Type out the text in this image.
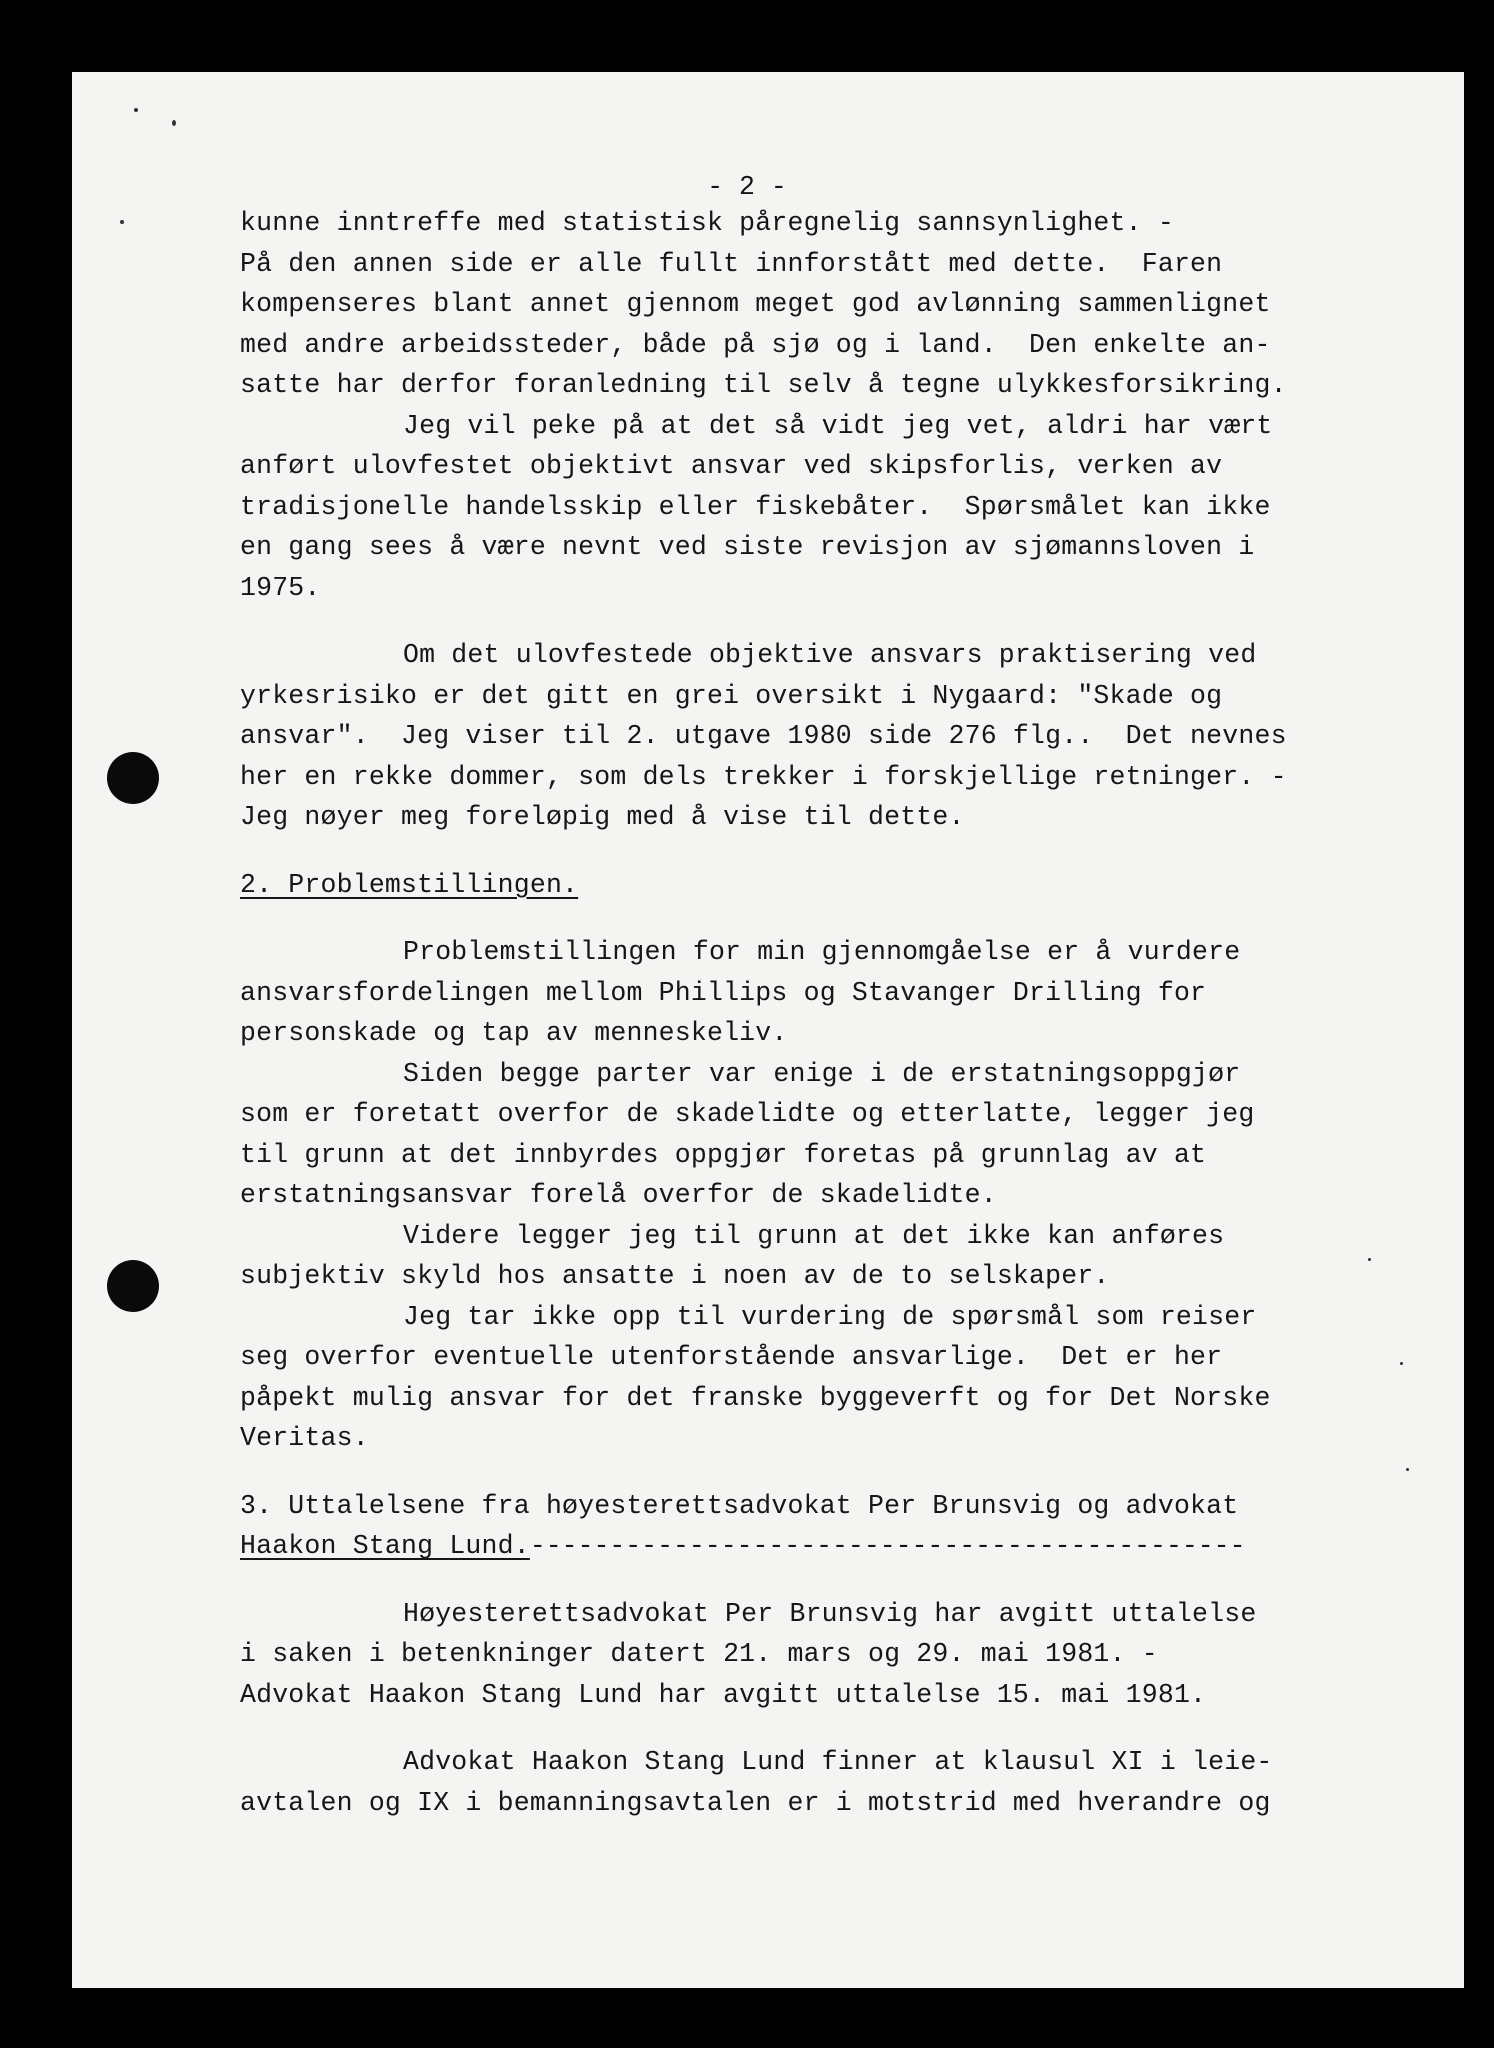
- 2 -
kunne inntreffe med statistisk påregnelig sannsynlighet. -
På den annen side er alle fullt innforstått med dette.  Faren
kompenseres blant annet gjennom meget god avlønning sammenlignet
med andre arbeidssteder, både på sjø og i land.  Den enkelte an-
satte har derfor foranledning til selv å tegne ulykkesforsikring.
Jeg vil peke på at det så vidt jeg vet, aldri har vært
anført ulovfestet objektivt ansvar ved skipsforlis, verken av
tradisjonelle handelsskip eller fiskebåter.  Spørsmålet kan ikke
en gang sees å være nevnt ved siste revisjon av sjømannsloven i
1975.
Om det ulovfestede objektive ansvars praktisering ved
yrkesrisiko er det gitt en grei oversikt i Nygaard: "Skade og
ansvar".  Jeg viser til 2. utgave 1980 side 276 flg..  Det nevnes
her en rekke dommer, som dels trekker i forskjellige retninger. -
Jeg nøyer meg foreløpig med å vise til dette.
2. Problemstillingen.
Problemstillingen for min gjennomgåelse er å vurdere
ansvarsfordelingen mellom Phillips og Stavanger Drilling for
personskade og tap av menneskeliv.
Siden begge parter var enige i de erstatningsoppgjør
som er foretatt overfor de skadelidte og etterlatte, legger jeg
til grunn at det innbyrdes oppgjør foretas på grunnlag av at
erstatningsansvar forelå overfor de skadelidte.
Videre legger jeg til grunn at det ikke kan anføres
subjektiv skyld hos ansatte i noen av de to selskaper.
Jeg tar ikke opp til vurdering de spørsmål som reiser
seg overfor eventuelle utenforstående ansvarlige.  Det er her
påpekt mulig ansvar for det franske byggeverft og for Det Norske
Veritas.
3. Uttalelsene fra høyesterettsadvokat Per Brunsvig og advokat
Haakon Stang Lund.---------------------------------------------
Høyesterettsadvokat Per Brunsvig har avgitt uttalelse
i saken i betenkninger datert 21. mars og 29. mai 1981. -
Advokat Haakon Stang Lund har avgitt uttalelse 15. mai 1981.
Advokat Haakon Stang Lund finner at klausul XI i leie-
avtalen og IX i bemanningsavtalen er i motstrid med hverandre og
